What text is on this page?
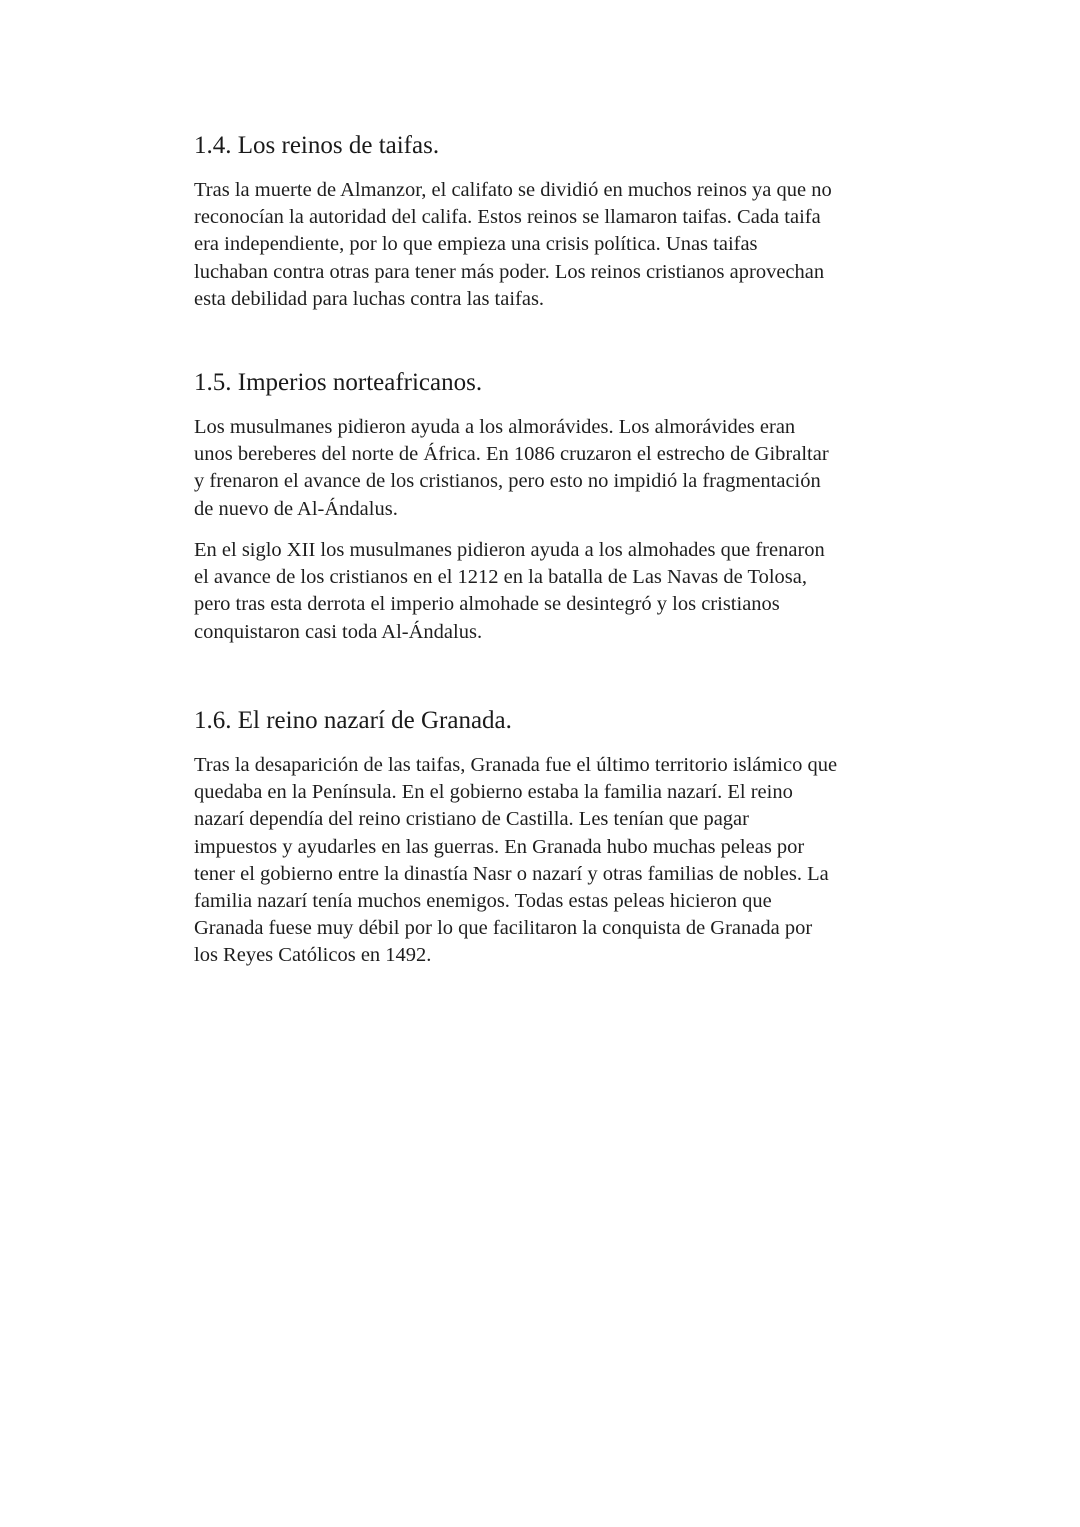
1.4. Los reinos de taifas.

Tras la muerte de Almanzor, el califato se dividió en muchos reinos ya que no
reconocían la autoridad del califa. Estos reinos se llamaron taifas. Cada taifa
era independiente, por lo que empieza una crisis política. Unas taifas
luchaban contra otras para tener más poder. Los reinos cristianos aprovechan
esta debilidad para luchas contra las taifas.

1.5. Imperios norteafricanos.

Los musulmanes pidieron ayuda a los almorávides. Los almorávides eran
unos bereberes del norte de África. En 1086 cruzaron el estrecho de Gibraltar
y frenaron el avance de los cristianos, pero esto no impidió la fragmentación
de nuevo de Al-Ándalus.

En el siglo XII los musulmanes pidieron ayuda a los almohades que frenaron
el avance de los cristianos en el 1212 en la batalla de Las Navas de Tolosa,
pero tras esta derrota el imperio almohade se desintegró y los cristianos
conquistaron casi toda Al-Ándalus.

1.6. El reino nazarí de Granada.

Tras la desaparición de las taifas, Granada fue el último territorio islámico que
quedaba en la Península. En el gobierno estaba la familia nazarí. El reino
nazarí dependía del reino cristiano de Castilla. Les tenían que pagar
impuestos y ayudarles en las guerras. En Granada hubo muchas peleas por
tener el gobierno entre la dinastía Nasr o nazarí y otras familias de nobles. La
familia nazarí tenía muchos enemigos. Todas estas peleas hicieron que
Granada fuese muy débil por lo que facilitaron la conquista de Granada por
los Reyes Católicos en 1492.
